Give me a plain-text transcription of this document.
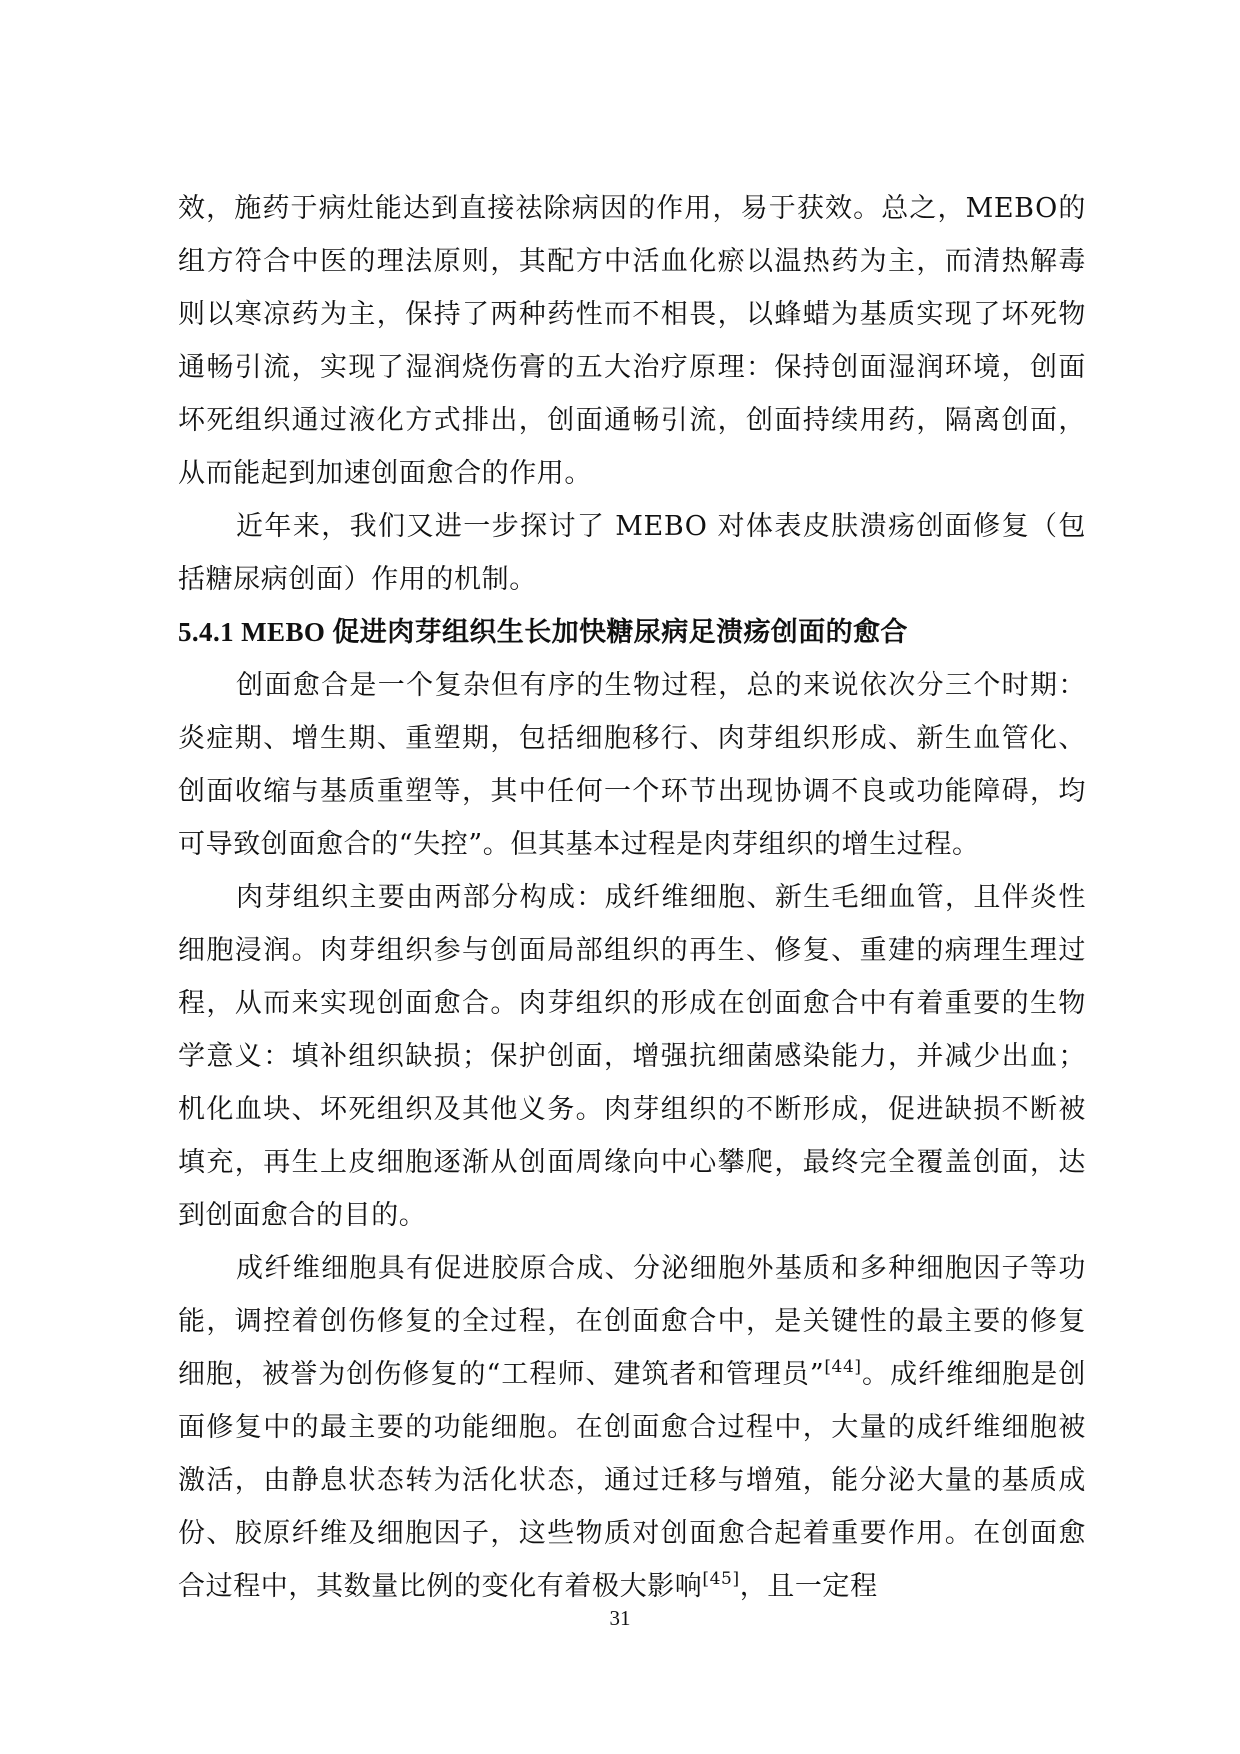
效，施药于病灶能达到直接祛除病因的作用，易于获效。总之，MEBO的组方符合中医的理法原则，其配方中活血化瘀以温热药为主，而清热解毒则以寒凉药为主，保持了两种药性而不相畏，以蜂蜡为基质实现了坏死物通畅引流，实现了湿润烧伤膏的五大治疗原理：保持创面湿润环境，创面坏死组织通过液化方式排出，创面通畅引流，创面持续用药，隔离创面，从而能起到加速创面愈合的作用。

近年来，我们又进一步探讨了 MEBO 对体表皮肤溃疡创面修复（包括糖尿病创面）作用的机制。

5.4.1 MEBO 促进肉芽组织生长加快糖尿病足溃疡创面的愈合

创面愈合是一个复杂但有序的生物过程，总的来说依次分三个时期：炎症期、增生期、重塑期，包括细胞移行、肉芽组织形成、新生血管化、创面收缩与基质重塑等，其中任何一个环节出现协调不良或功能障碍，均可导致创面愈合的“失控”。但其基本过程是肉芽组织的增生过程。

肉芽组织主要由两部分构成：成纤维细胞、新生毛细血管，且伴炎性细胞浸润。肉芽组织参与创面局部组织的再生、修复、重建的病理生理过程，从而来实现创面愈合。肉芽组织的形成在创面愈合中有着重要的生物学意义：填补组织缺损；保护创面，增强抗细菌感染能力，并减少出血；机化血块、坏死组织及其他义务。肉芽组织的不断形成，促进缺损不断被填充，再生上皮细胞逐渐从创面周缘向中心攀爬，最终完全覆盖创面，达到创面愈合的目的。

成纤维细胞具有促进胶原合成、分泌细胞外基质和多种细胞因子等功能，调控着创伤修复的全过程，在创面愈合中，是关键性的最主要的修复细胞，被誉为创伤修复的“工程师、建筑者和管理员”[44]。成纤维细胞是创面修复中的最主要的功能细胞。在创面愈合过程中，大量的成纤维细胞被激活，由静息状态转为活化状态，通过迁移与增殖，能分泌大量的基质成份、胶原纤维及细胞因子，这些物质对创面愈合起着重要作用。在创面愈合过程中，其数量比例的变化有着极大影响[45]，且一定程

31
